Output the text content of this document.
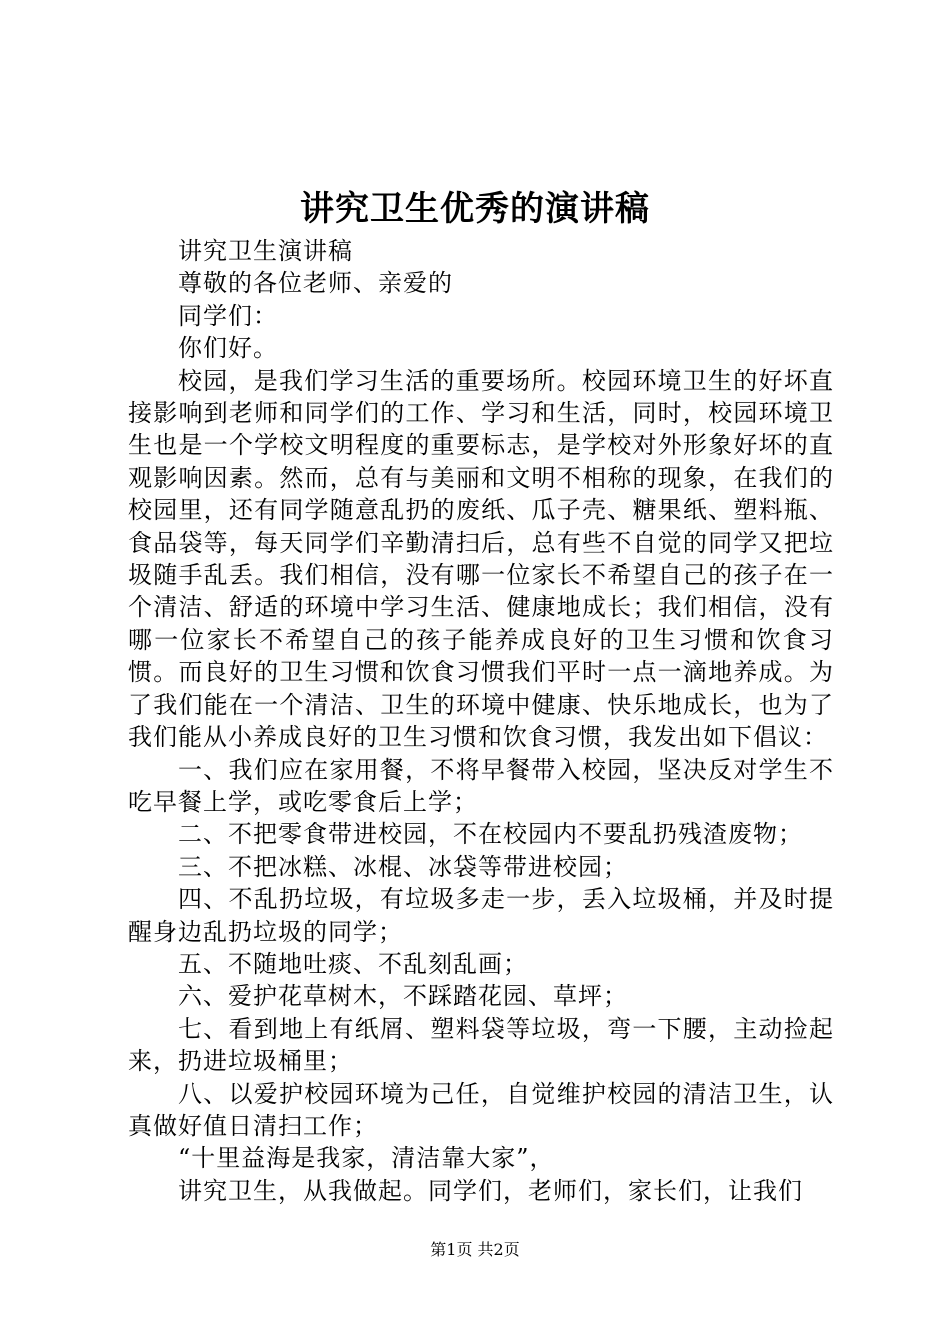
讲究卫生优秀的演讲稿

讲究卫生演讲稿

尊敬的各位老师、亲爱的

同学们：

你们好。

校园，是我们学习生活的重要场所。校园环境卫生的好坏直接影响到老师和同学们的工作、学习和生活，同时，校园环境卫生也是一个学校文明程度的重要标志，是学校对外形象好坏的直观影响因素。然而，总有与美丽和文明不相称的现象，在我们的校园里，还有同学随意乱扔的废纸、瓜子壳、糖果纸、塑料瓶、食品袋等，每天同学们辛勤清扫后，总有些不自觉的同学又把垃圾随手乱丢。我们相信，没有哪一位家长不希望自己的孩子在一个清洁、舒适的环境中学习生活、健康地成长；我们相信，没有哪一位家长不希望自己的孩子能养成良好的卫生习惯和饮食习惯。而良好的卫生习惯和饮食习惯我们平时一点一滴地养成。为了我们能在一个清洁、卫生的环境中健康、快乐地成长，也为了我们能从小养成良好的卫生习惯和饮食习惯，我发出如下倡议：

一、我们应在家用餐，不将早餐带入校园，坚决反对学生不吃早餐上学，或吃零食后上学；

二、不把零食带进校园，不在校园内不要乱扔残渣废物；

三、不把冰糕、冰棍、冰袋等带进校园；

四、不乱扔垃圾，有垃圾多走一步，丢入垃圾桶，并及时提醒身边乱扔垃圾的同学；

五、不随地吐痰、不乱刻乱画；

六、爱护花草树木，不踩踏花园、草坪；

七、看到地上有纸屑、塑料袋等垃圾，弯一下腰，主动捡起来，扔进垃圾桶里；

八、以爱护校园环境为己任，自觉维护校园的清洁卫生，认真做好值日清扫工作；

“十里益海是我家，清洁靠大家”，

讲究卫生，从我做起。同学们，老师们，家长们，让我们

第1页 共2页
